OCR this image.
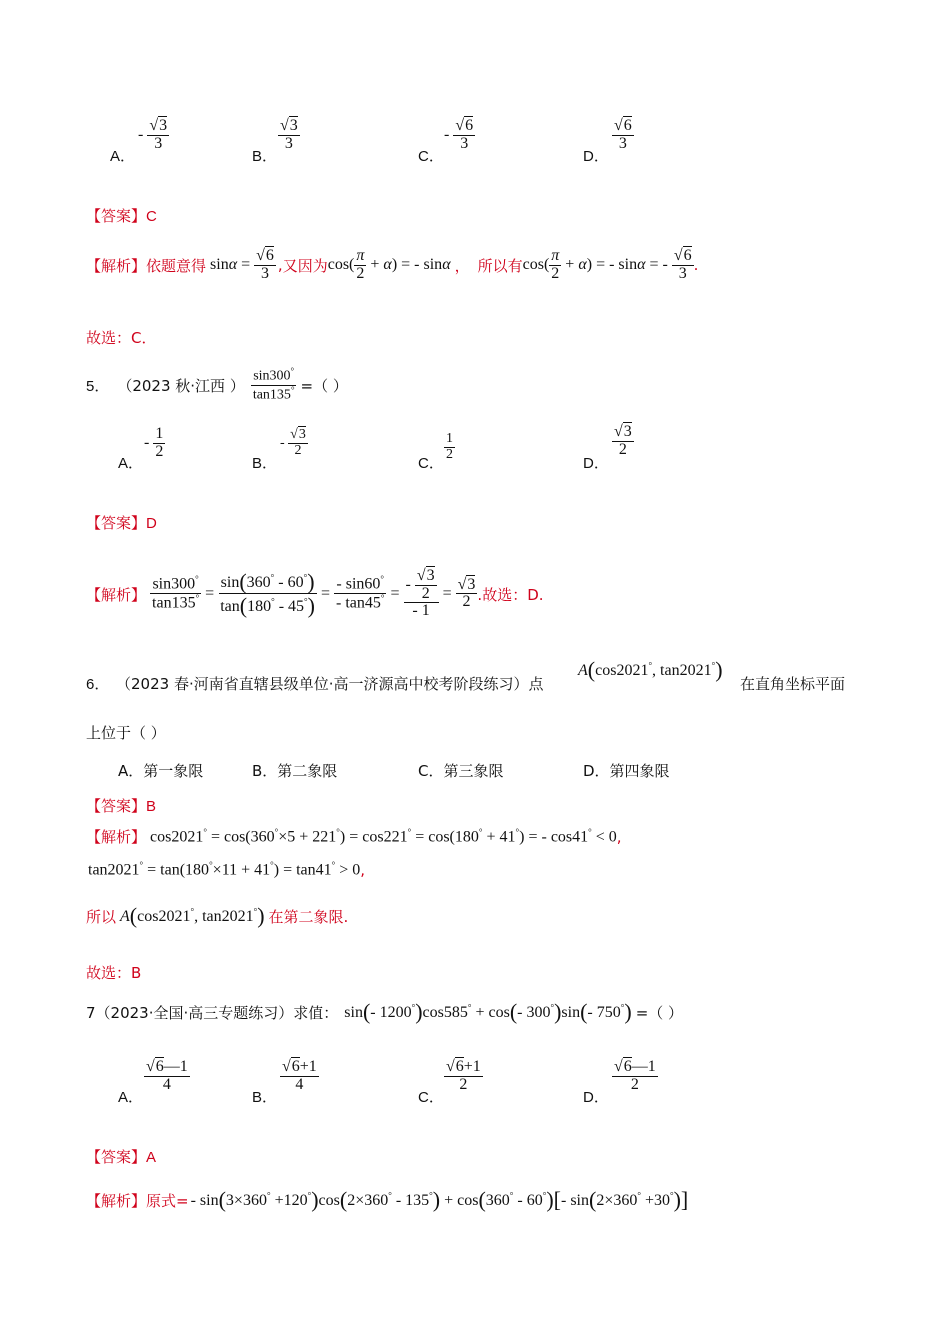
A．
- $\frac{√3}{3}$
B．
$\frac{√3}{3}$
C．
- $\frac{√6}{3}$
D．
$\frac{√6}{3}$
【答案】C
【解析】 依题意得 $\sin\alpha = \frac{√6}{3}$ , 又因为 $\cos( \frac{\pi}{2} + \alpha)$ = - sinα ， 所以有 $\cos( \frac{\pi}{2} + \alpha)$ = - sinα = - $\frac{√6}{3}$ .
故选：C．
5． （2023 秋·江西 ） $\frac{\sin 300^\circ}{\tan 135^\circ}$ =（ ）
A．
- $\frac{1}{2}$
B．
- $\frac{√3}{2}$
C．
$\frac{1}{2}$
D．
$\frac{√3}{2}$
【答案】D
【解析】 $\frac{\sin 300^\circ}{\tan 135^\circ} = \frac{\sin(360^\circ - 60^\circ)}{\tan(180^\circ - 45^\circ)} = \frac{- \sin 60^\circ}{- \tan 45^\circ} = \frac{- \frac{√3}{2}}{- 1} = \frac{√3}{2}$ .故选：D.
6． （2023 春·河南省直辖县级单位·高一济源高中校考阶段练习）点
A(cos2021°, tan2021°)
在直角坐标平面
上位于（ ）
A．第一象限	B．第二象限	C．第三象限	D．第四象限
【答案】B
【解析】 cos2021° = cos(360°×5 + 221°) = cos221° = cos(180° + 41°) = - cos41° < 0 ,
tan2021° = tan(180°×11 + 41°) = tan41° > 0 ,
所以 A(cos2021°, tan2021°) 在第二象限.
故选：B
7（2023·全国·高三专题练习）求值： sin(- 1200°)cos585° + cos(- 300°)sin(- 750°) =（ ）
A．
$\frac{√6—1}{4}$
B．
$\frac{√6+1}{4}$
C．
$\frac{√6+1}{2}$
D．
$\frac{√6—1}{2}$
【答案】A
【解析】 原式= - sin(3×360° +120°)cos(2×360° - 135°) + cos(360° - 60°)[- sin(2×360° +30°)]
